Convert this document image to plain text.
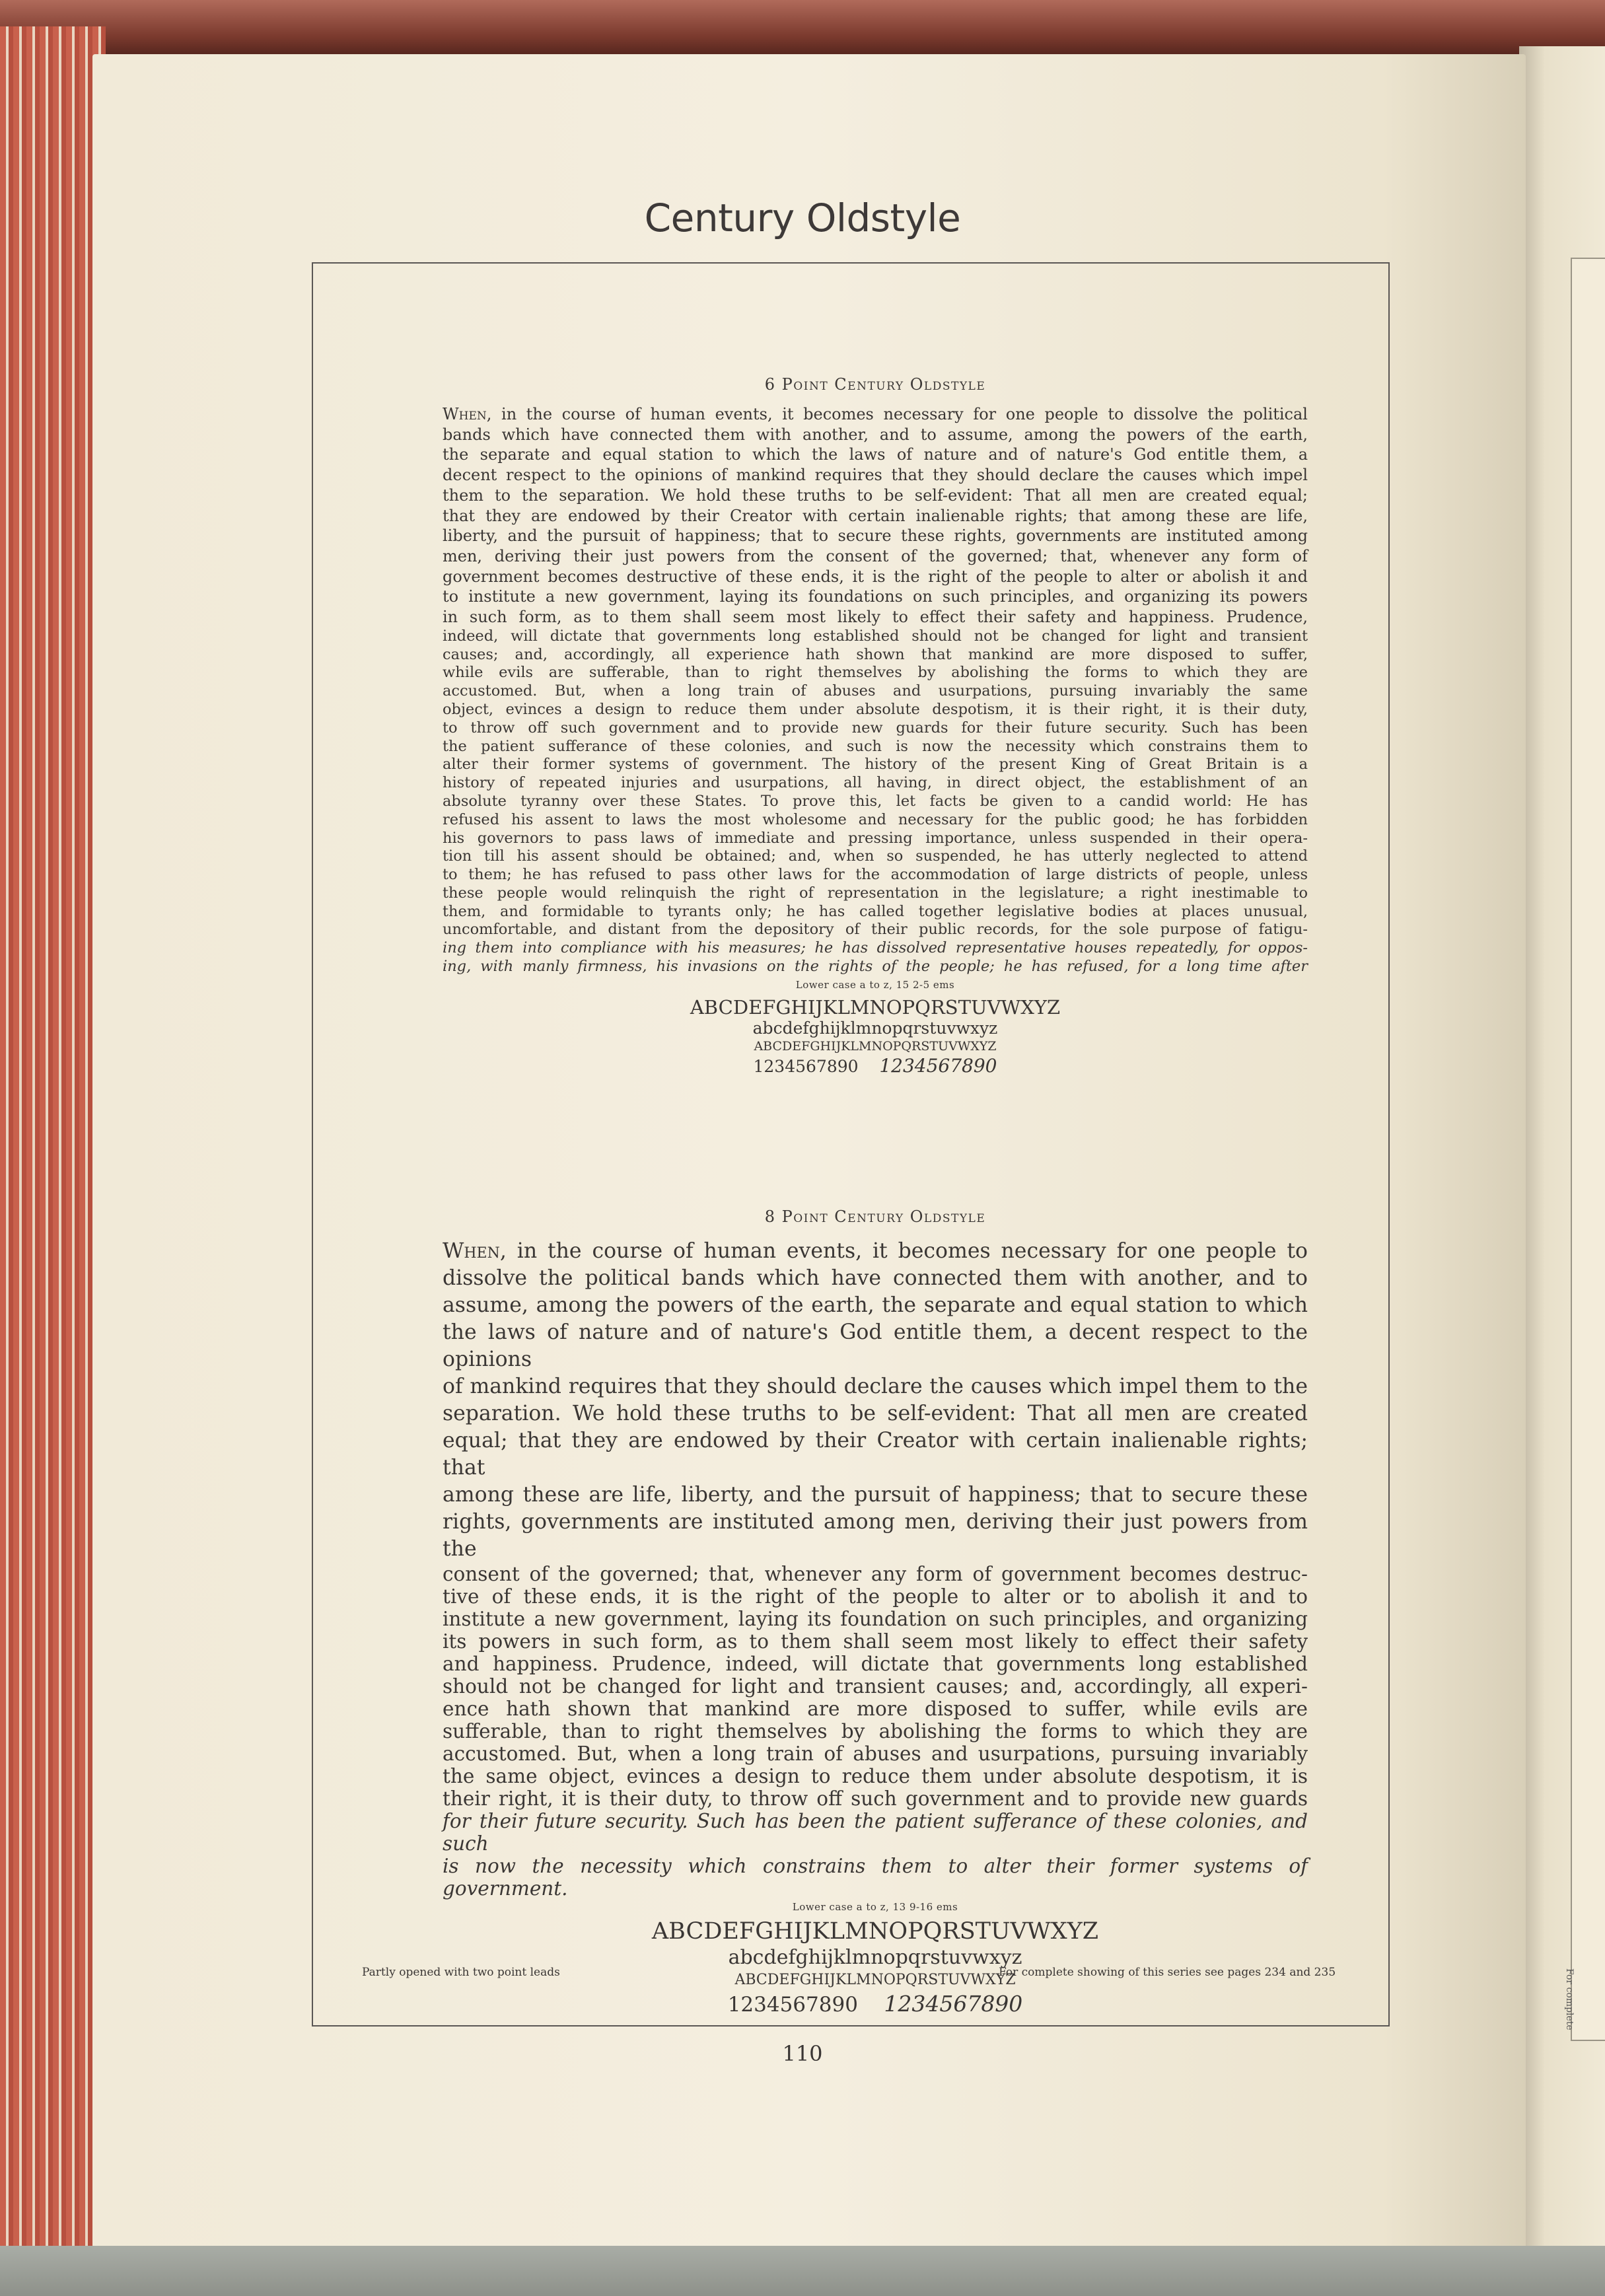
For complete
Century Oldstyle
6 Point Century Oldstyle

When, in the course of human events, it becomes necessary for one people to dissolve the political

bands which have connected them with another, and to assume, among the powers of the earth,

the separate and equal station to which the laws of nature and of nature's God entitle them, a

decent respect to the opinions of mankind requires that they should declare the causes which impel

them to the separation. We hold these truths to be self-evident: That all men are created equal;

that they are endowed by their Creator with certain inalienable rights; that among these are life,

liberty, and the pursuit of happiness; that to secure these rights, governments are instituted among

men, deriving their just powers from the consent of the governed; that, whenever any form of

government becomes destructive of these ends, it is the right of the people to alter or abolish it and

to institute a new government, laying its foundations on such principles, and organizing its powers

in such form, as to them shall seem most likely to effect their safety and happiness. Prudence,

indeed, will dictate that governments long established should not be changed for light and transient

causes; and, accordingly, all experience hath shown that mankind are more disposed to suffer,

while evils are sufferable, than to right themselves by abolishing the forms to which they are

accustomed. But, when a long train of abuses and usurpations, pursuing invariably the same

object, evinces a design to reduce them under absolute despotism, it is their right, it is their duty,

to throw off such government and to provide new guards for their future security. Such has been

the patient sufferance of these colonies, and such is now the necessity which constrains them to

alter their former systems of government. The history of the present King of Great Britain is a

history of repeated injuries and usurpations, all having, in direct object, the establishment of an

absolute tyranny over these States. To prove this, let facts be given to a candid world: He has

refused his assent to laws the most wholesome and necessary for the public good; he has forbidden

his governors to pass laws of immediate and pressing importance, unless suspended in their opera-

tion till his assent should be obtained; and, when so suspended, he has utterly neglected to attend

to them; he has refused to pass other laws for the accommodation of large districts of people, unless

these people would relinquish the right of representation in the legislature; a right inestimable to

them, and formidable to tyrants only; he has called together legislative bodies at places unusual,

uncomfortable, and distant from the depository of their public records, for the sole purpose of fatigu-

ing them into compliance with his measures; he has dissolved representative houses repeatedly, for oppos-

ing, with manly firmness, his invasions on the rights of the people; he has refused, for a long time after

Lower case a to z, 15 2-5 ems
ABCDEFGHIJKLMNOPQRSTUVWXYZ
abcdefghijklmnopqrstuvwxyz
ABCDEFGHIJKLMNOPQRSTUVWXYZ
1234567890 1234567890
8 Point Century Oldstyle

When, in the course of human events, it becomes necessary for one people to

dissolve the political bands which have connected them with another, and to

assume, among the powers of the earth, the separate and equal station to which

the laws of nature and of nature's God entitle them, a decent respect to the opinions

of mankind requires that they should declare the causes which impel them to the

separation. We hold these truths to be self-evident: That all men are created

equal; that they are endowed by their Creator with certain inalienable rights; that

among these are life, liberty, and the pursuit of happiness; that to secure these

rights, governments are instituted among men, deriving their just powers from the

consent of the governed; that, whenever any form of government becomes destruc-

tive of these ends, it is the right of the people to alter or to abolish it and to

institute a new government, laying its foundation on such principles, and organizing

its powers in such form, as to them shall seem most likely to effect their safety

and happiness. Prudence, indeed, will dictate that governments long established

should not be changed for light and transient causes; and, accordingly, all experi-

ence hath shown that mankind are more disposed to suffer, while evils are

sufferable, than to right themselves by abolishing the forms to which they are

accustomed. But, when a long train of abuses and usurpations, pursuing invariably

the same object, evinces a design to reduce them under absolute despotism, it is

their right, it is their duty, to throw off such government and to provide new guards

for their future security. Such has been the patient sufferance of these colonies, and such

is now the necessity which constrains them to alter their former systems of government.

Lower case a to z, 13 9-16 ems
ABCDEFGHIJKLMNOPQRSTUVWXYZ
abcdefghijklmnopqrstuvwxyz
ABCDEFGHIJKLMNOPQRSTUVWXYZ
1234567890 1234567890
Partly opened with two point leads	For complete showing of this series see pages 234 and 235
110
